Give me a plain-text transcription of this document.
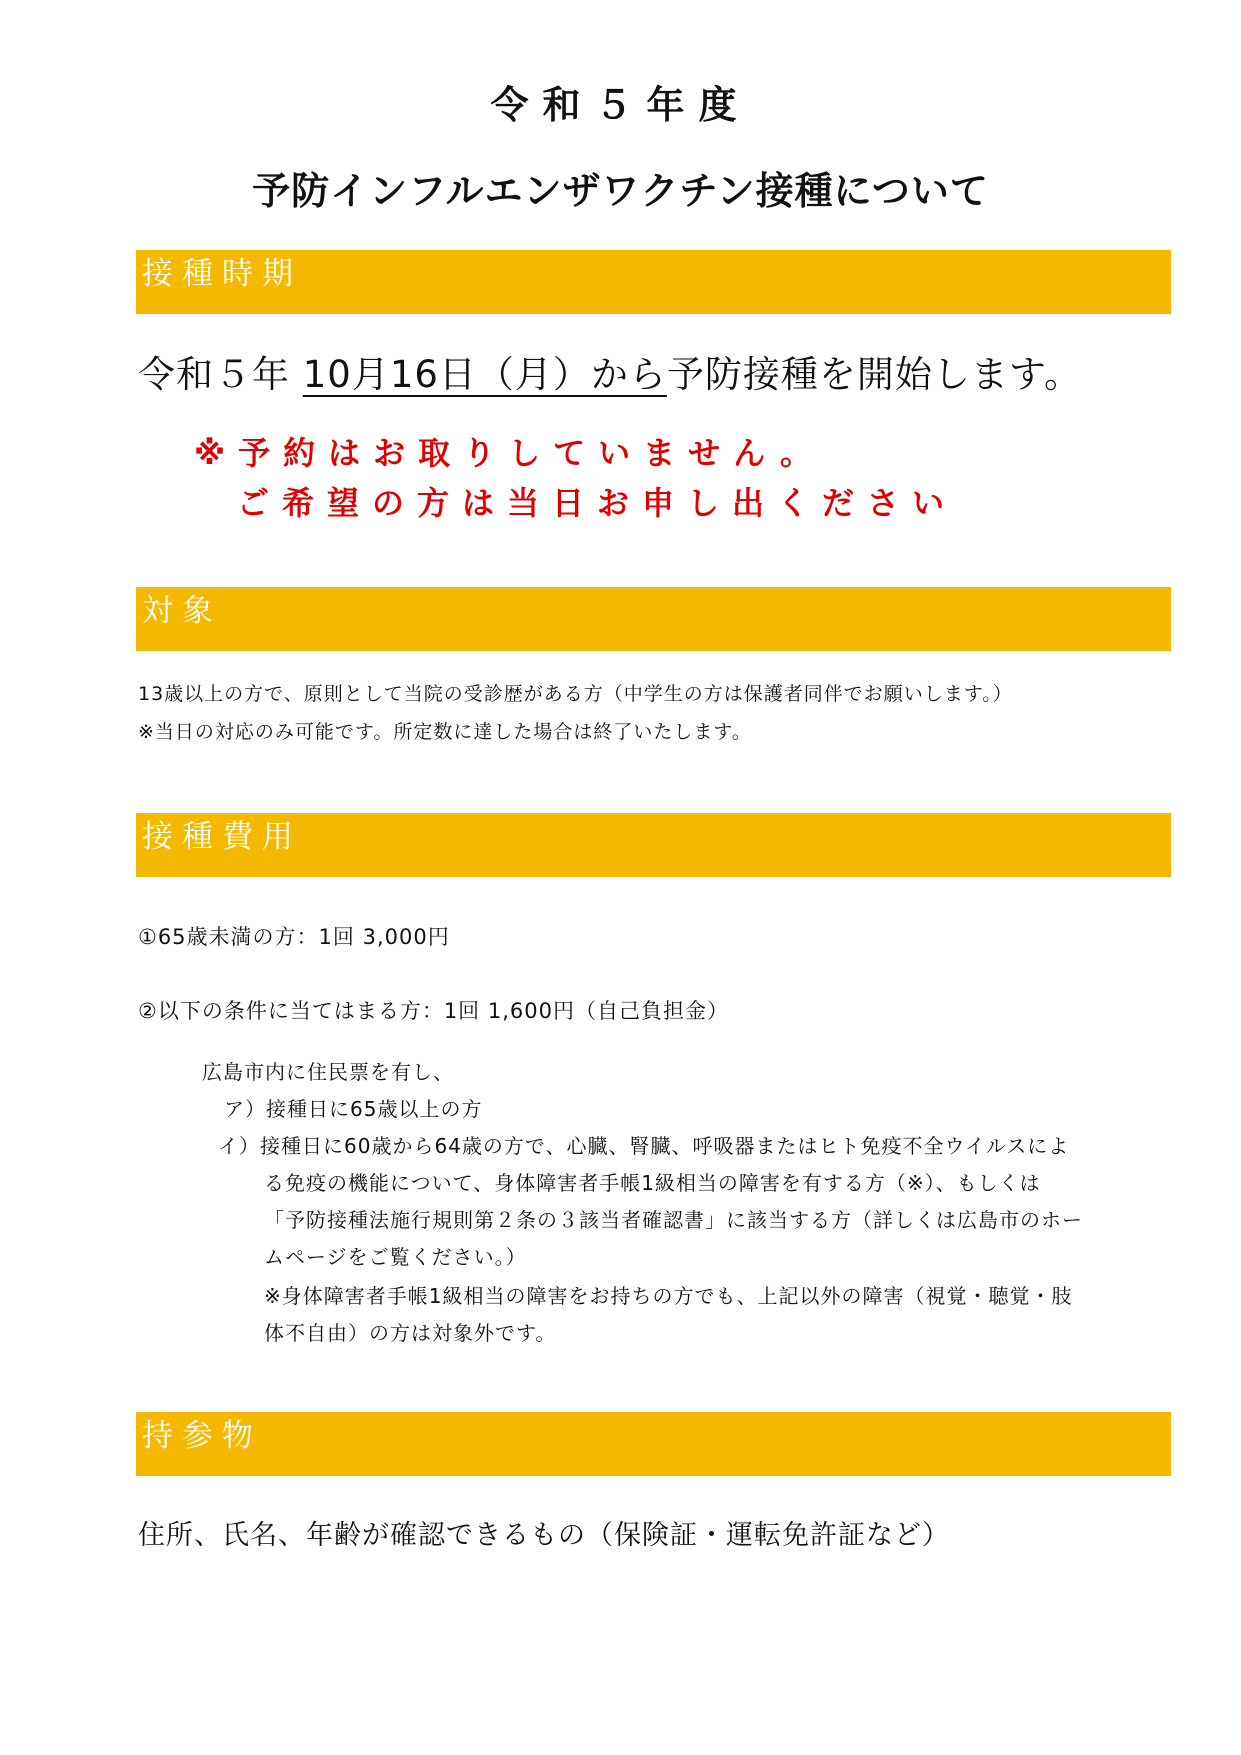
令和５年度
予防インフルエンザワクチン接種について
接種時期
令和５年 10月16日（月）から予防接種を開始します。
※予約はお取りしていません。
ご希望の方は当日お申し出ください
対象
13歳以上の方で、原則として当院の受診歴がある方（中学生の方は保護者同伴でお願いします。）
※当日の対応のみ可能です。所定数に達した場合は終了いたします。
接種費用
①65歳未満の方：1回 3,000円
②以下の条件に当てはまる方：1回 1,600円（自己負担金）
広島市内に住民票を有し、
ア）接種日に65歳以上の方
イ）接種日に60歳から64歳の方で、心臓、腎臓、呼吸器またはヒト免疫不全ウイルスによ
る免疫の機能について、身体障害者手帳1級相当の障害を有する方（※）、もしくは
「予防接種法施行規則第２条の３該当者確認書」に該当する方（詳しくは広島市のホー
ムページをご覧ください。）
※身体障害者手帳1級相当の障害をお持ちの方でも、上記以外の障害（視覚・聴覚・肢
体不自由）の方は対象外です。
持参物
住所、氏名、年齢が確認できるもの（保険証・運転免許証など）
